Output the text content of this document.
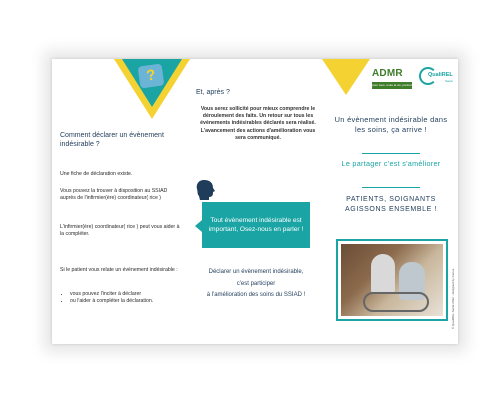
?
Comment déclarer un évènement indésirable ?
Une fiche de déclaration existe.
Vous pouvez la trouver à disposition au SSIAD auprès de l'infirmier(ère) coordinateur( rice )
L'infirmier(ère) coordinateur( rice ) peut vous aider à la compléter.
Si le patient vous relate un évènement indésirable :
• vous pouvez l'inciter à déclarer
• ou l'aider à compléter la déclaration.
Et, après ?
Vous serez sollicité pour mieux comprendre le déroulement des faits. Un retour sur tous les évènements indésirables déclarés sera réalisé. L'avancement des actions d'amélioration vous sera communiqué.
Tout évènement indésirable est important, Osez-nous en parler !
Déclarer un évènement indésirable,
c'est participer
à l'amélioration des soins du SSIAD !
ADMR
pour tous, toute la vie, partout
QualiREL
Santé
Un évènement indésirable dans les soins, ça arrive !
Le partager c'est s'améliorer
PATIENTS, SOIGNANTS AGISSONS ENSEMBLE !
© QualiREL Santé 2022 - designed by Canva
